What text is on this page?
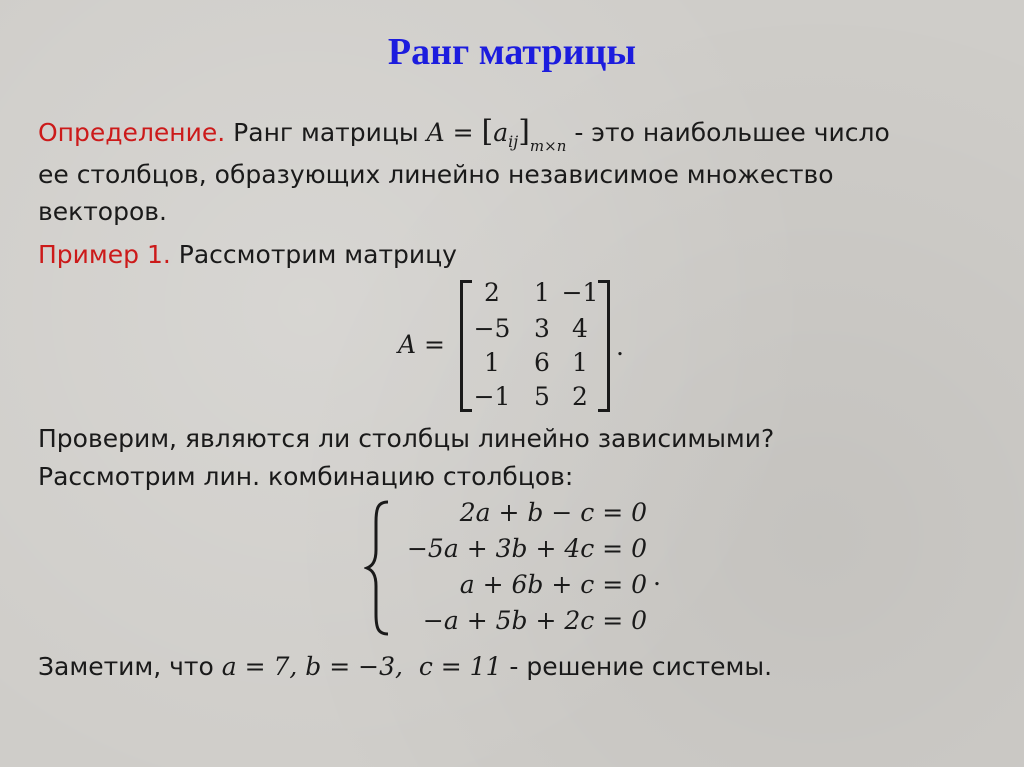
Ранг матрицы
Определение. Ранг матрицы $A = [a_{ij}]_{m\times n}$ - это наибольшее число
ее столбцов, образующих линейно независимое множество
векторов.
Пример 1. Рассмотрим матрицу
A =
2	1 −1
−5 3 4
1	6 1
−1 5 2
.
Проверим, являются ли столбцы линейно зависимыми?
Рассмотрим лин. комбинацию столбцов:
2a + b − c = 0
−5a + 3b + 4c = 0
a + 6b + c = 0
−a + 5b + 2c = 0
.
Заметим, что a = 7, b = −3,  c = 11 - решение системы.
